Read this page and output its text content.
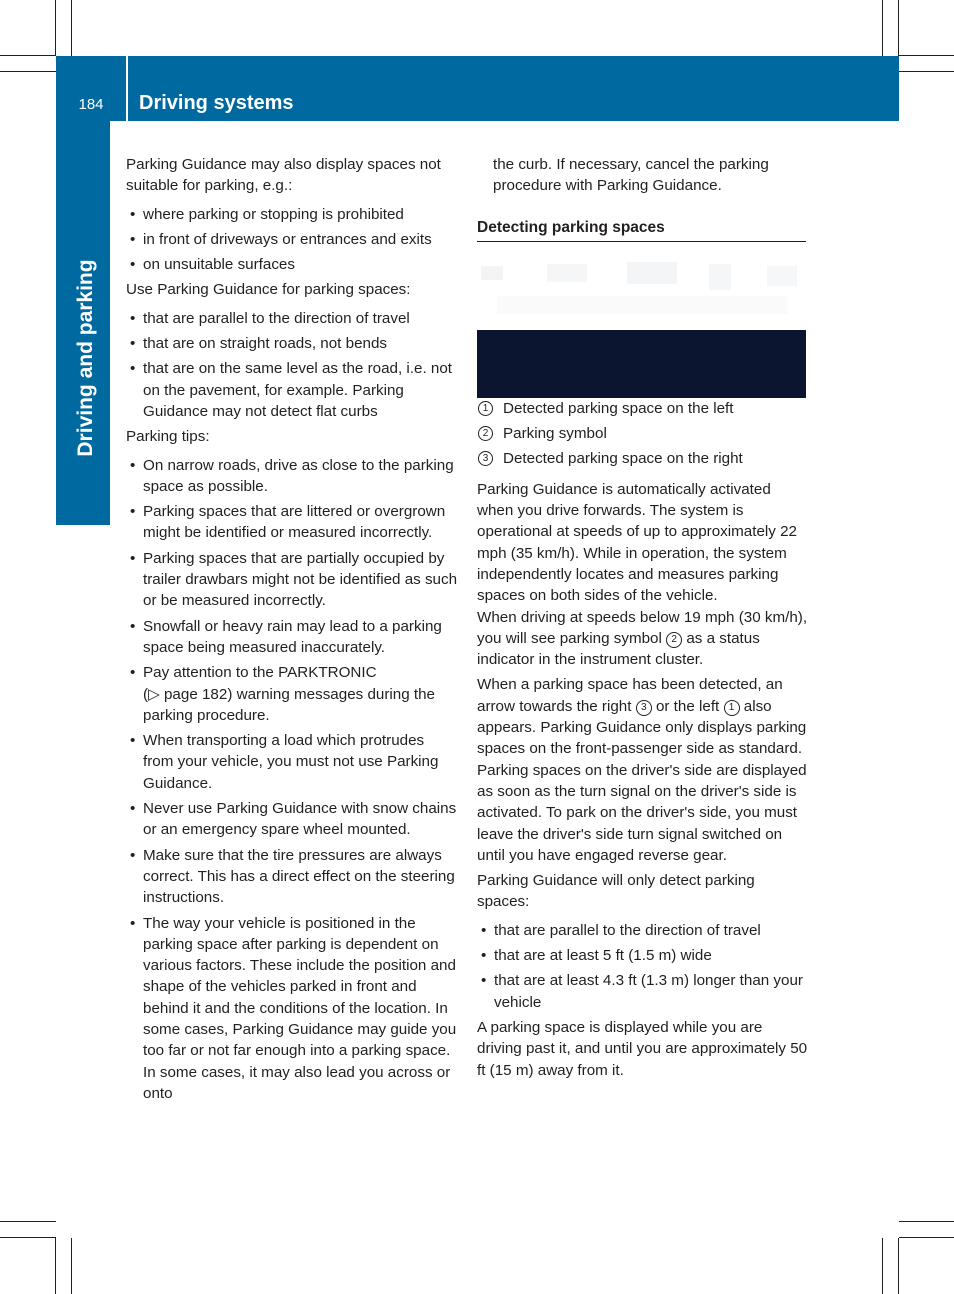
184	Driving systems
Driving and parking

Parking Guidance may also display spaces not suitable for parking, e.g.:

• where parking or stopping is prohibited
• in front of driveways or entrances and exits
• on unsuitable surfaces

Use Parking Guidance for parking spaces:

• that are parallel to the direction of travel
• that are on straight roads, not bends
• that are on the same level as the road, i.e. not on the pavement, for example. Parking Guidance may not detect flat curbs

Parking tips:

• On narrow roads, drive as close to the parking space as possible.
• Parking spaces that are littered or overgrown might be identified or measured incorrectly.
• Parking spaces that are partially occupied by trailer drawbars might not be identified as such or be measured incorrectly.
• Snowfall or heavy rain may lead to a parking space being measured inaccurately.
• Pay attention to the PARKTRONIC
(▷ page 182) warning messages during the parking procedure.
• When transporting a load which protrudes from your vehicle, you must not use Parking Guidance.
• Never use Parking Guidance with snow chains or an emergency spare wheel mounted.
• Make sure that the tire pressures are always correct. This has a direct effect on the steering instructions.
• The way your vehicle is positioned in the parking space after parking is dependent on various factors. These include the position and shape of the vehicles parked in front and behind it and the conditions of the location. In some cases, Parking Guidance may guide you too far or not far enough into a parking space. In some cases, it may also lead you across or onto

the curb. If necessary, cancel the parking procedure with Parking Guidance.

Detecting parking spaces
1 Detected parking space on the left
2 Parking symbol
3 Detected parking space on the right

Parking Guidance is automatically activated when you drive forwards. The system is operational at speeds of up to approximately 22 mph (35 km/h). While in operation, the system independently locates and measures parking spaces on both sides of the vehicle.

When driving at speeds below 19 mph (30 km/h), you will see parking symbol 2 as a status indicator in the instrument cluster.

When a parking space has been detected, an arrow towards the right 3 or the left 1 also appears. Parking Guidance only displays parking spaces on the front-passenger side as standard. Parking spaces on the driver's side are displayed as soon as the turn signal on the driver's side is activated. To park on the driver's side, you must leave the driver's side turn signal switched on until you have engaged reverse gear.

Parking Guidance will only detect parking spaces:

• that are parallel to the direction of travel
• that are at least 5 ft (1.5 m) wide
• that are at least 4.3 ft (1.3 m) longer than your vehicle

A parking space is displayed while you are driving past it, and until you are approximately 50 ft (15 m) away from it.
